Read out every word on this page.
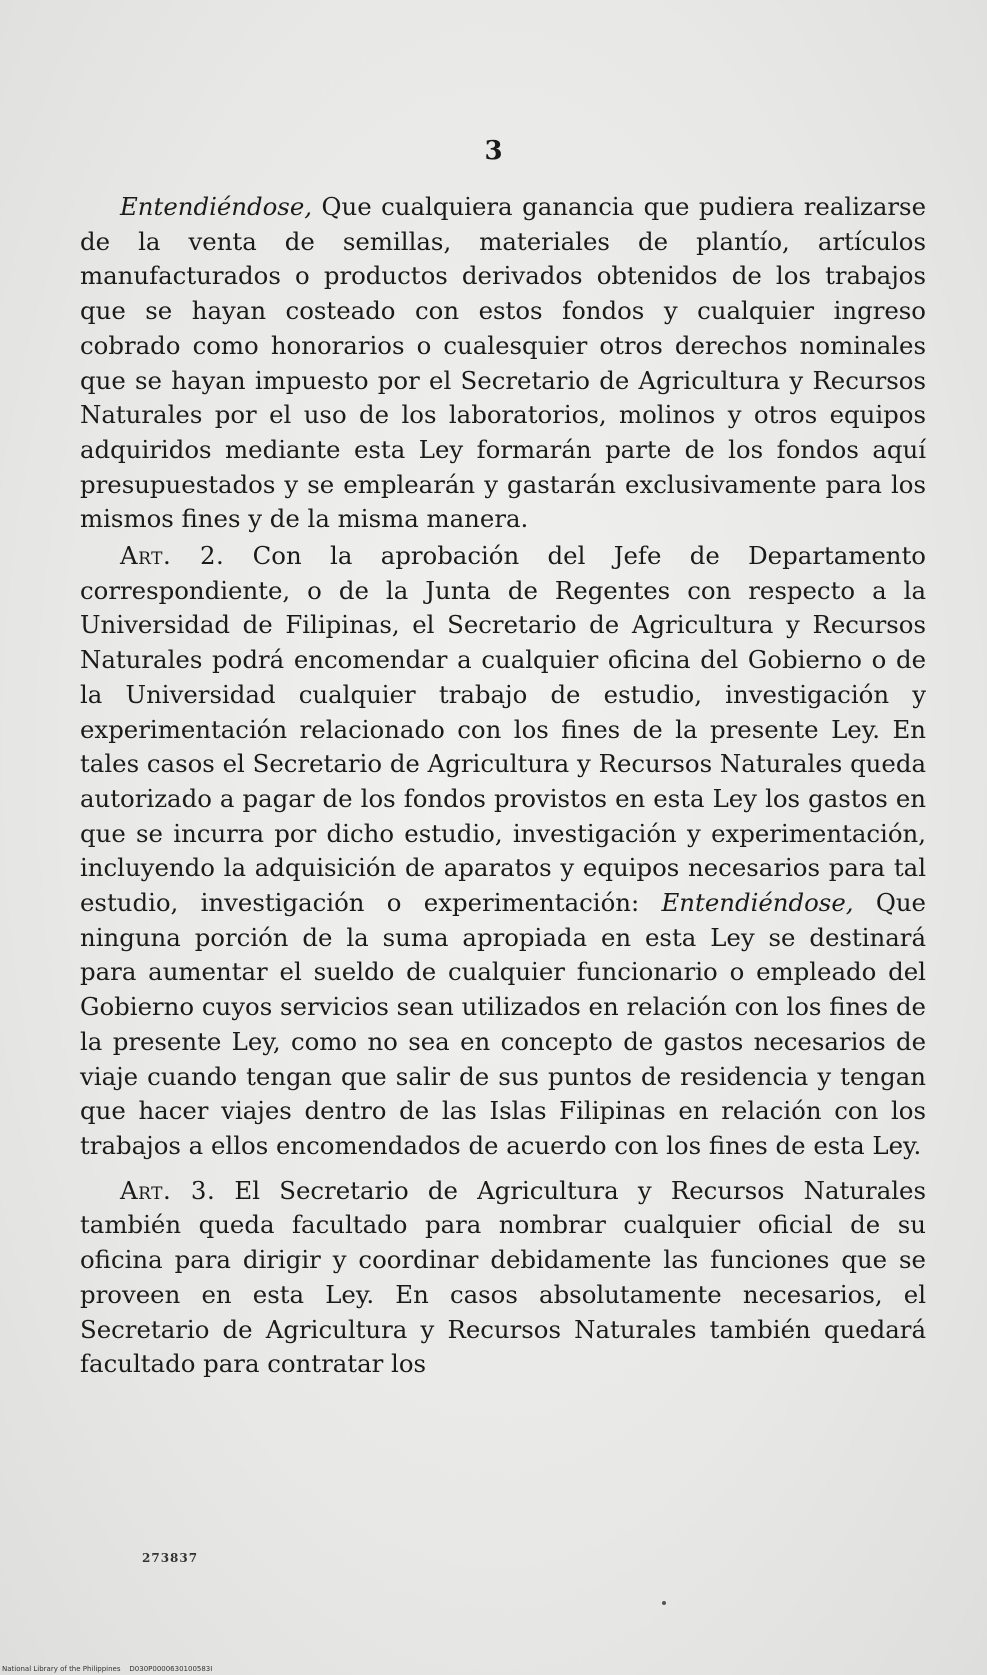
3

Entendiéndose, Que cualquiera ganancia que pudiera realizarse de la venta de semillas, materiales de plantío, artículos manufacturados o productos derivados obtenidos de los trabajos que se hayan costeado con estos fondos y cualquier ingreso cobrado como honorarios o cualesquier otros derechos nominales que se hayan impuesto por el Secretario de Agricultura y Recursos Naturales por el uso de los laboratorios, molinos y otros equipos adquiridos mediante esta Ley formarán parte de los fondos aquí presupuestados y se emplearán y gastarán exclusivamente para los mismos fines y de la misma manera.

Art. 2. Con la aprobación del Jefe de Departamento correspondiente, o de la Junta de Regentes con respecto a la Universidad de Filipinas, el Secretario de Agricultura y Recursos Naturales podrá encomendar a cualquier oficina del Gobierno o de la Universidad cualquier trabajo de estudio, investigación y experimentación relacionado con los fines de la presente Ley. En tales casos el Secretario de Agricultura y Recursos Naturales queda autorizado a pagar de los fondos provistos en esta Ley los gastos en que se incurra por dicho estudio, investigación y experimentación, incluyendo la adquisición de aparatos y equipos necesarios para tal estudio, investigación o experimentación: Entendiéndose, Que ninguna porción de la suma apropiada en esta Ley se destinará para aumentar el sueldo de cualquier funcionario o empleado del Gobierno cuyos servicios sean utilizados en relación con los fines de la presente Ley, como no sea en concepto de gastos necesarios de viaje cuando tengan que salir de sus puntos de residencia y tengan que hacer viajes dentro de las Islas Filipinas en relación con los trabajos a ellos encomendados de acuerdo con los fines de esta Ley.

Art. 3. El Secretario de Agricultura y Recursos Naturales también queda facultado para nombrar cualquier oficial de su oficina para dirigir y coordinar debidamente las funciones que se proveen en esta Ley. En casos absolutamente necesarios, el Secretario de Agricultura y Recursos Naturales también quedará facultado para contratar los

273837
National Library of the Philippines    D030P0000630100583I
